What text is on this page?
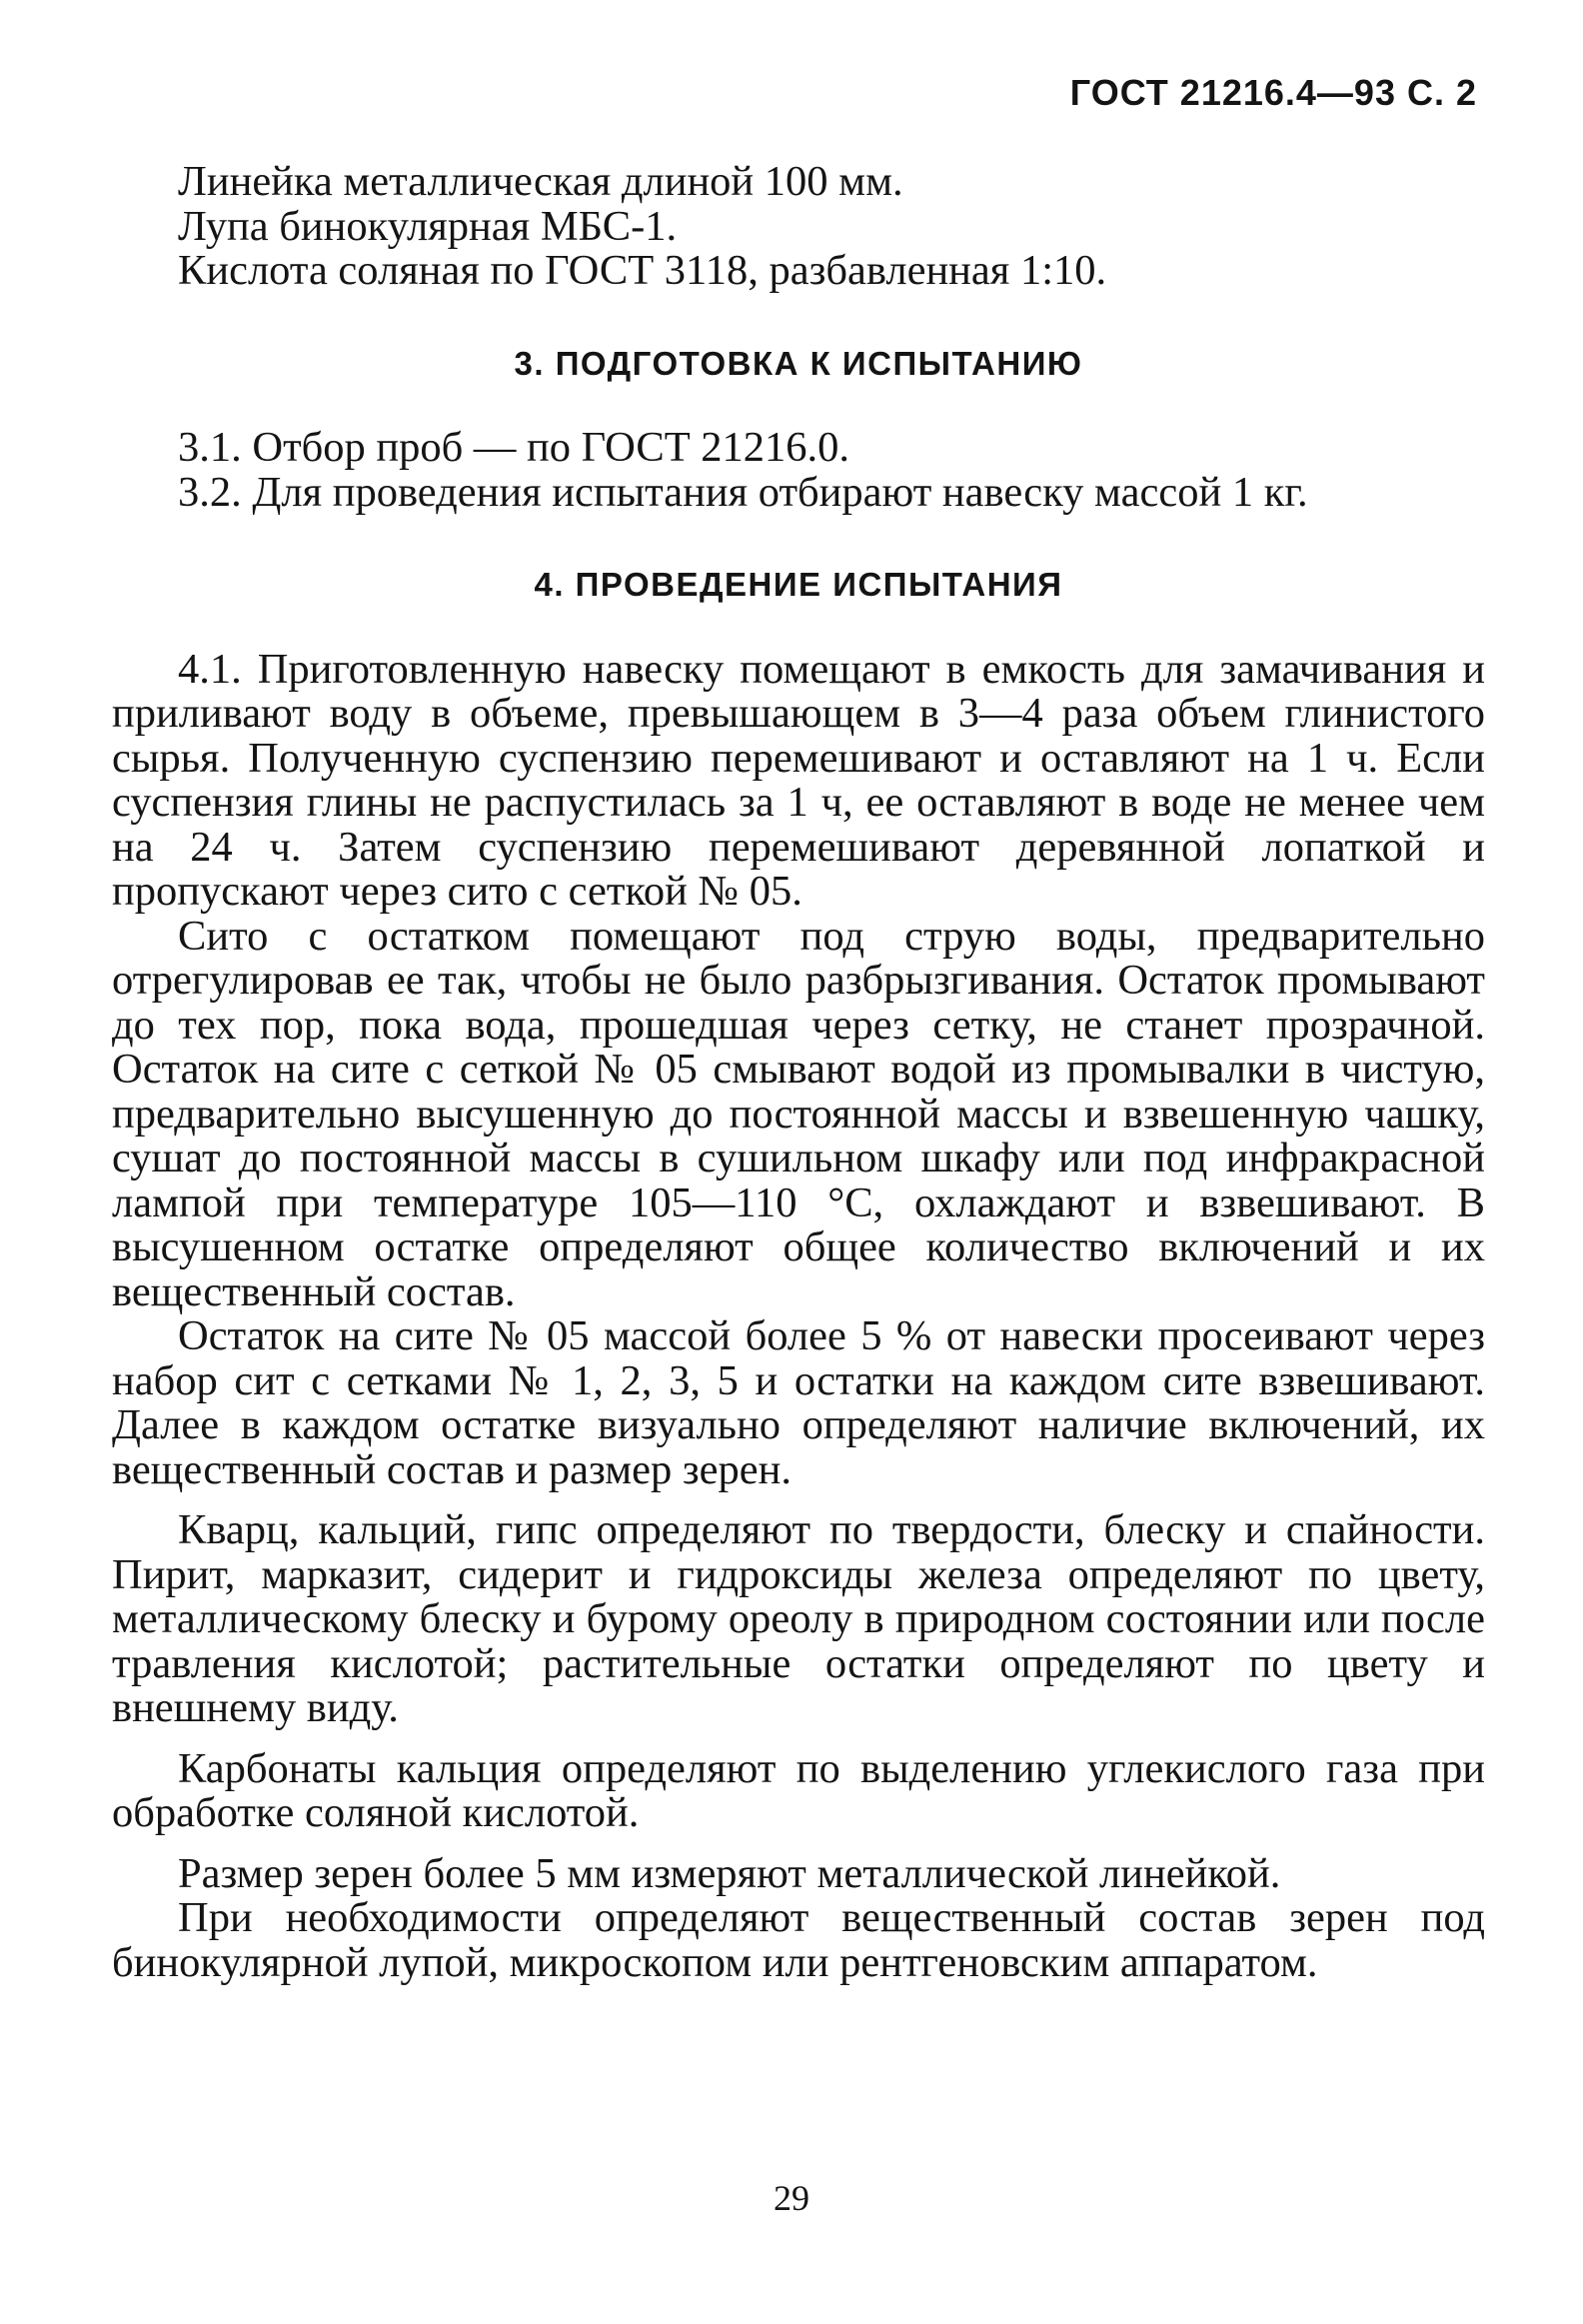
ГОСТ 21216.4—93 С. 2

Линейка металлическая длиной 100 мм.

Лупа бинокулярная МБС-1.

Кислота соляная по ГОСТ 3118, разбавленная 1:10.

3. ПОДГОТОВКА К ИСПЫТАНИЮ

3.1. Отбор проб — по ГОСТ 21216.0.

3.2. Для проведения испытания отбирают навеску массой 1 кг.

4. ПРОВЕДЕНИЕ ИСПЫТАНИЯ

4.1. Приготовленную навеску помещают в емкость для замачивания и приливают воду в объеме, превышающем в 3—4 раза объем глинистого сырья. Полученную суспензию перемешивают и оставляют на 1 ч. Если суспензия глины не распустилась за 1 ч, ее оставляют в воде не менее чем на 24 ч. Затем суспензию перемешивают деревянной лопаткой и пропускают через сито с сеткой № 05.

Сито с остатком помещают под струю воды, предварительно отрегулировав ее так, чтобы не было разбрызгивания. Остаток промывают до тех пор, пока вода, прошедшая через сетку, не станет прозрачной. Остаток на сите с сеткой № 05 смывают водой из промывалки в чистую, предварительно высушенную до постоянной массы и взвешенную чашку, сушат до постоянной массы в сушильном шкафу или под инфракрасной лампой при температуре 105—110 °С, охлаждают и взвешивают. В высушенном остатке определяют общее количество включений и их вещественный состав.

Остаток на сите № 05 массой более 5 % от навески просеивают через набор сит с сетками № 1, 2, 3, 5 и остатки на каждом сите взвешивают. Далее в каждом остатке визуально определяют наличие включений, их вещественный состав и размер зерен.

Кварц, кальций, гипс определяют по твердости, блеску и спайности. Пирит, марказит, сидерит и гидроксиды железа определяют по цвету, металлическому блеску и бурому ореолу в природном состоянии или после травления кислотой; растительные остатки определяют по цвету и внешнему виду.

Карбонаты кальция определяют по выделению углекислого газа при обработке соляной кислотой.

Размер зерен более 5 мм измеряют металлической линейкой.

При необходимости определяют вещественный состав зерен под бинокулярной лупой, микроскопом или рентгеновским аппаратом.

29
